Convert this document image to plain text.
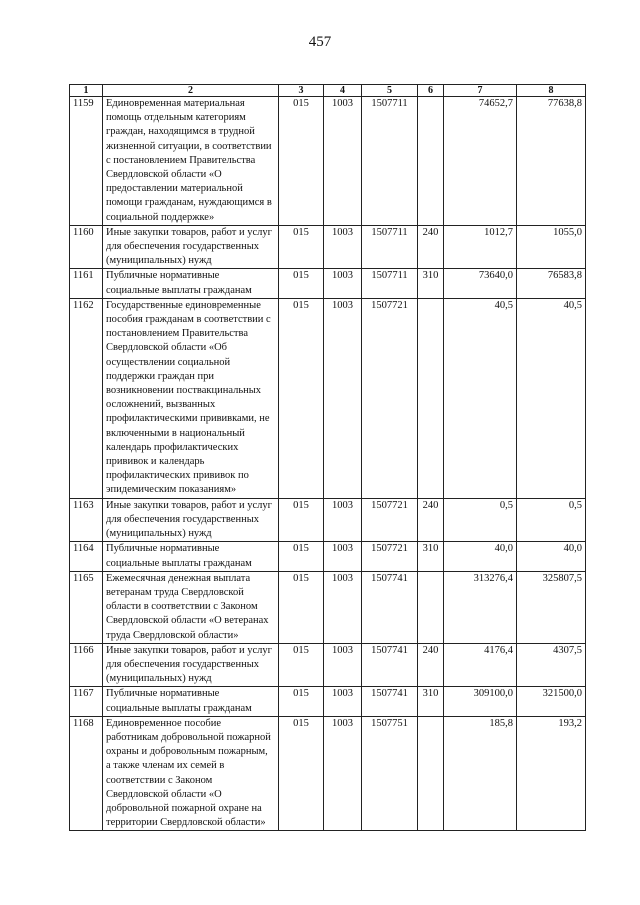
457
1	2	3	4	5	6	7	8
1159	Единовременная материальная помощь отдельным категориям граждан, находящимся в трудной жизненной ситуации, в соответствии с постановлением Правительства Свердловской области «О предоставлении материальной помощи гражданам, нуждающимся в социальной поддержке»	015	1003	1507711		74652,7	77638,8
1160	Иные закупки товаров, работ и услуг для обеспечения государственных (муниципальных) нужд	015	1003	1507711	240	1012,7	1055,0
1161	Публичные нормативные социальные выплаты гражданам	015	1003	1507711	310	73640,0	76583,8
1162	Государственные единовременные пособия гражданам в соответствии с постановлением Правительства Свердловской области «Об осуществлении социальной поддержки граждан при возникновении поствакцинальных осложнений, вызванных профилактическими прививками, не включенными в национальный календарь профилактических прививок и календарь профилактических прививок по эпидемическим показаниям»	015	1003	1507721		40,5	40,5
1163	Иные закупки товаров, работ и услуг для обеспечения государственных (муниципальных) нужд	015	1003	1507721	240	0,5	0,5
1164	Публичные нормативные социальные выплаты гражданам	015	1003	1507721	310	40,0	40,0
1165	Ежемесячная денежная выплата ветеранам труда Свердловской области в соответствии с Законом Свердловской области «О ветеранах труда Свердловской области»	015	1003	1507741		313276,4	325807,5
1166	Иные закупки товаров, работ и услуг для обеспечения государственных (муниципальных) нужд	015	1003	1507741	240	4176,4	4307,5
1167	Публичные нормативные социальные выплаты гражданам	015	1003	1507741	310	309100,0	321500,0
1168	Единовременное пособие работникам добровольной пожарной охраны и добровольным пожарным, а также членам их семей в соответствии с Законом Свердловской области «О добровольной пожарной охране на территории Свердловской области»	015	1003	1507751		185,8	193,2
